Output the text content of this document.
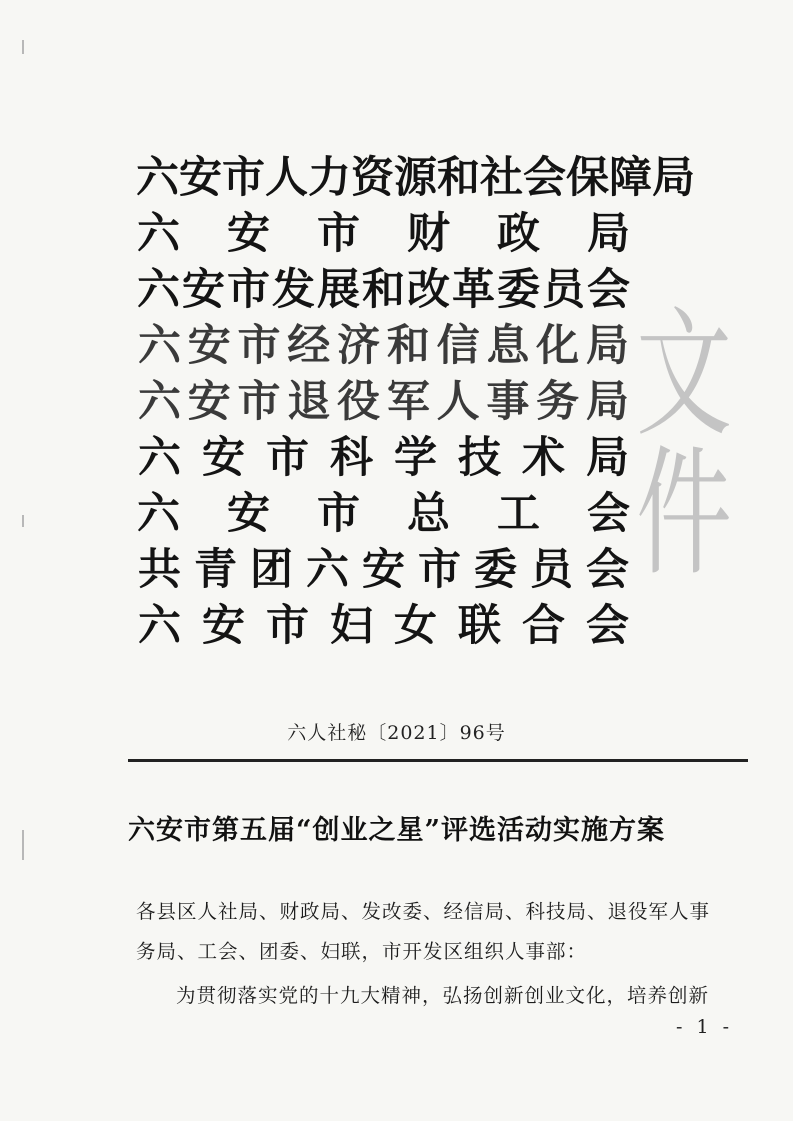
六 安 市 人 力 资 源 和 社 会 保 障 局
六 安 市 财 政 局
六 安 市 发 展 和 改 革 委 员 会
六 安 市 经 济 和 信 息 化 局
六 安 市 退 役 军 人 事 务 局
六 安 市 科 学 技 术 局
六 安 市 总 工 会
共 青 团 六 安 市 委 员 会
六 安 市 妇 女 联 合 会
文件
六人社秘〔2021〕96号
六安市第五届“创业之星”评选活动实施方案
各县区人社局、财政局、发改委、经信局、科技局、退役军人事
务局、工会、团委、妇联，市开发区组织人事部：
为贯彻落实党的十九大精神，弘扬创新创业文化，培养创新
- 1 -
